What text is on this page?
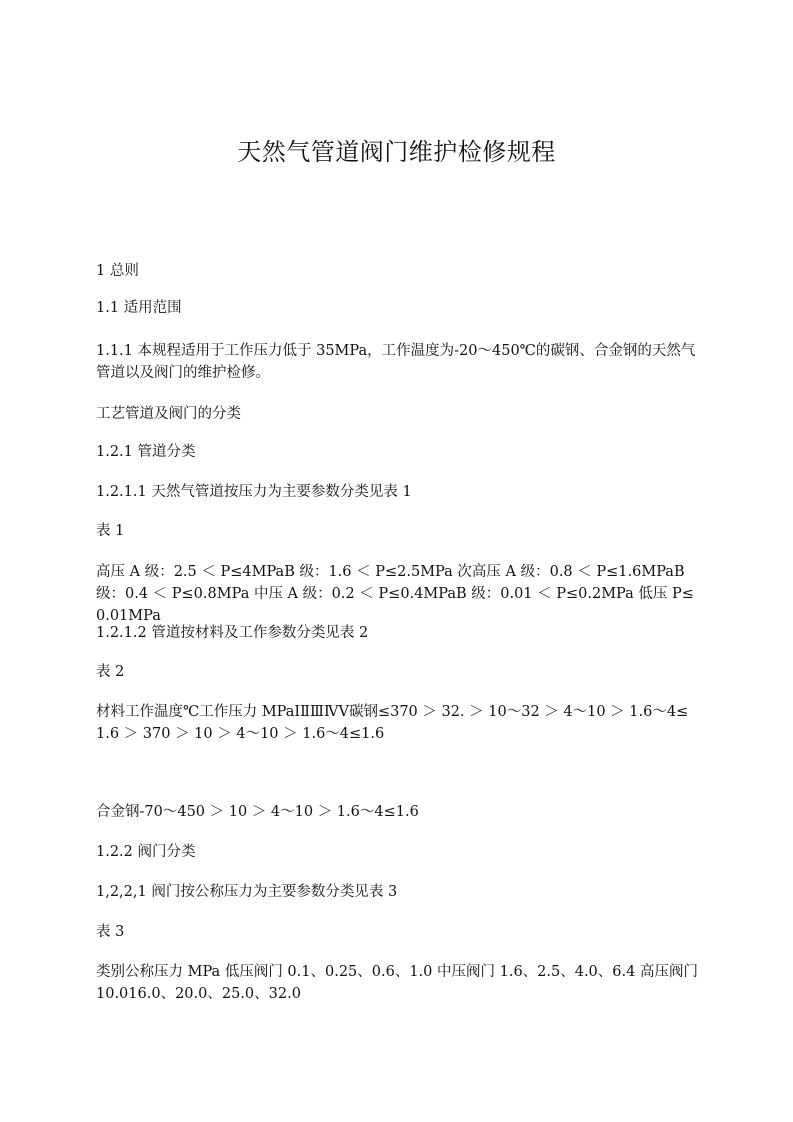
天然气管道阀门维护检修规程
1 总则
1.1 适用范围
1.1.1 本规程适用于工作压力低于 35MPa，工作温度为-20～450℃的碳钢、合金钢的天然气管道以及阀门的维护检修。
工艺管道及阀门的分类
1.2.1 管道分类
1.2.1.1 天然气管道按压力为主要参数分类见表 1
表 1
高压 A 级：2.5 ＜ P≤4MPaB 级：1.6 ＜ P≤2.5MPa 次高压 A 级：0.8 ＜ P≤1.6MPaB 级：0.4 ＜ P≤0.8MPa 中压 A 级：0.2 ＜ P≤0.4MPaB 级：0.01 ＜ P≤0.2MPa 低压 P≤0.01MPa
1.2.1.2 管道按材料及工作参数分类见表 2
表 2
材料工作温度℃工作压力 MPaⅠⅡⅢⅣⅤ碳钢≤370 ＞ 32. ＞ 10～32 ＞ 4～10 ＞ 1.6～4≤1.6 ＞ 370 ＞ 10 ＞ 4～10 ＞ 1.6～4≤1.6
合金钢-70～450 ＞ 10 ＞ 4～10 ＞ 1.6～4≤1.6
1.2.2 阀门分类
1,2,2,1 阀门按公称压力为主要参数分类见表 3
表 3
类别公称压力 MPa 低压阀门 0.1、0.25、0.6、1.0 中压阀门 1.6、2.5、4.0、6.4 高压阀门 10.016.0、20.0、25.0、32.0
